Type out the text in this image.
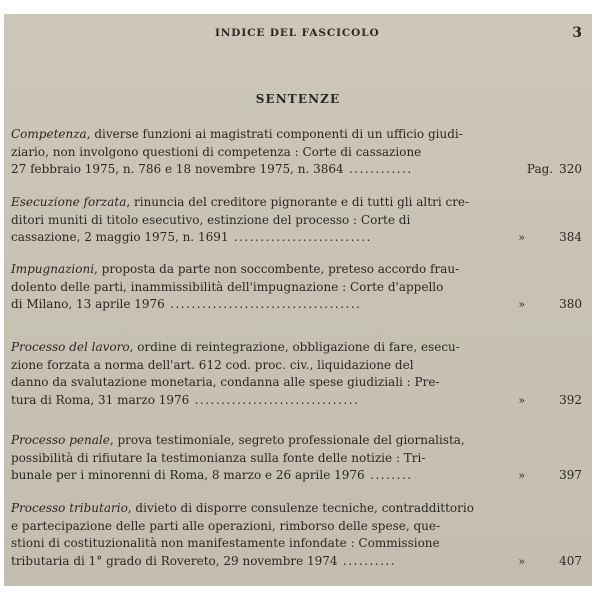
INDICE DEL FASCICOLO	3
SENTENZE
Competenza, diverse funzioni ai magistrati componenti di un ufficio giudi-
ziario, non involgono questioni di competenza : Corte di cassazione
27 febbraio 1975, n. 786 e 18 novembre 1975, n. 3864 ............	Pag. 320
Esecuzione forzata, rinuncia del creditore pignorante e di tutti gli altri cre-
ditori muniti di titolo esecutivo, estinzione del processo : Corte di
cassazione, 2 maggio 1975, n. 1691 ..........................	»	384
Impugnazioni, proposta da parte non soccombente, preteso accordo frau-
dolento delle parti, inammissibilità dell'impugnazione : Corte d'appello
di Milano, 13 aprile 1976 ....................................	»	380
Processo del lavoro, ordine di reintegrazione, obbligazione di fare, esecu-
zione forzata a norma dell'art. 612 cod. proc. civ., liquidazione del
danno da svalutazione monetaria, condanna alle spese giudiziali : Pre-
tura di Roma, 31 marzo 1976 ...............................	»	392
Processo penale, prova testimoniale, segreto professionale del giornalista,
possibilità di rifiutare la testimonianza sulla fonte delle notizie : Tri-
bunale per i minorenni di Roma, 8 marzo e 26 aprile 1976 ........	»	397
Processo tributario, divieto di disporre consulenze tecniche, contraddittorio
e partecipazione delle parti alle operazioni, rimborso delle spese, que-
stioni di costituzionalità non manifestamente infondate : Commissione
tributaria di 1° grado di Rovereto, 29 novembre 1974 ..........	»	407
